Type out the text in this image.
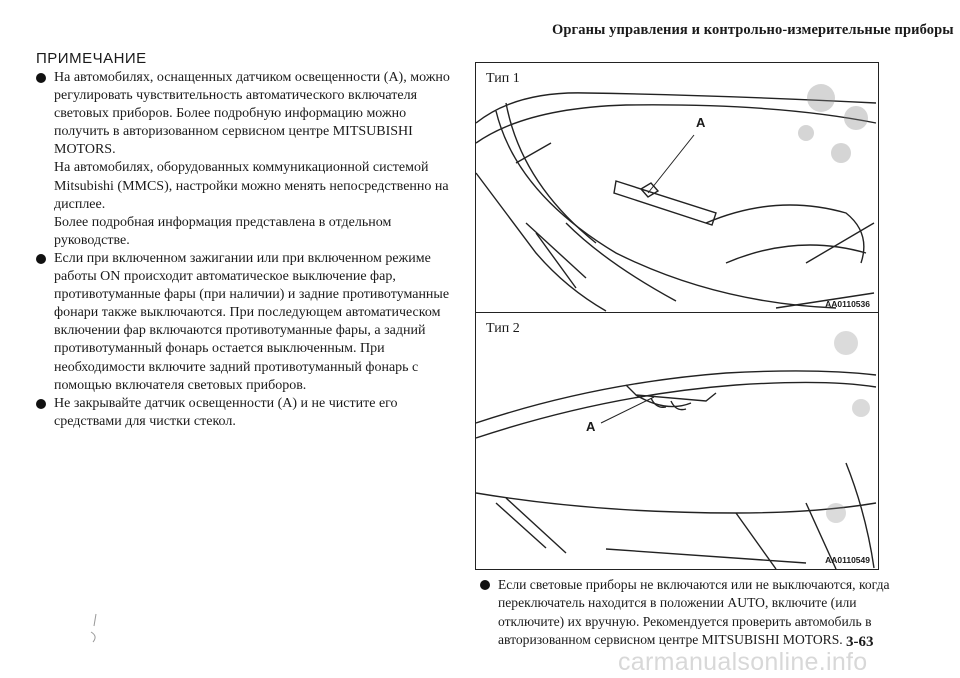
Органы управления и контрольно-измерительные приборы
ПРИМЕЧАНИЕ

На автомобилях, оснащенных датчиком освещенности (А), можно регулировать чувствительность автоматического включателя световых приборов. Более подробную информацию можно получить в авторизованном сервисном центре MITSUBISHI MOTORS.

На автомобилях, оборудованных коммуникационной системой Mitsubishi (MMCS), настройки можно менять непосредственно на дисплее.

Более подробная информация представлена в отдельном руководстве.

Если при включенном зажигании или при включенном режиме работы ON происходит автоматическое выключение фар, противотуманные фары (при наличии) и задние противотуманные фонари также выключаются. При последующем автоматическом включении фар включаются противотуманные фары, а задний противотуманный фонарь остается выключенным. При необходимости включите задний противотуманный фонарь с помощью включателя световых приборов.

Не закрывайте датчик освещенности (А) и не чистите его средствами для чистки стекол.

Тип 1
A
AA0110536
Тип 2
A
AA0110549

Если световые приборы не включаются или не выключаются, когда переключатель находится в положении AUTO, включите (или отключите) их вручную. Рекомендуется проверить автомобиль в авторизованном сервисном центре MITSUBISHI MOTORS. 3-63
carmanualsonline.info
